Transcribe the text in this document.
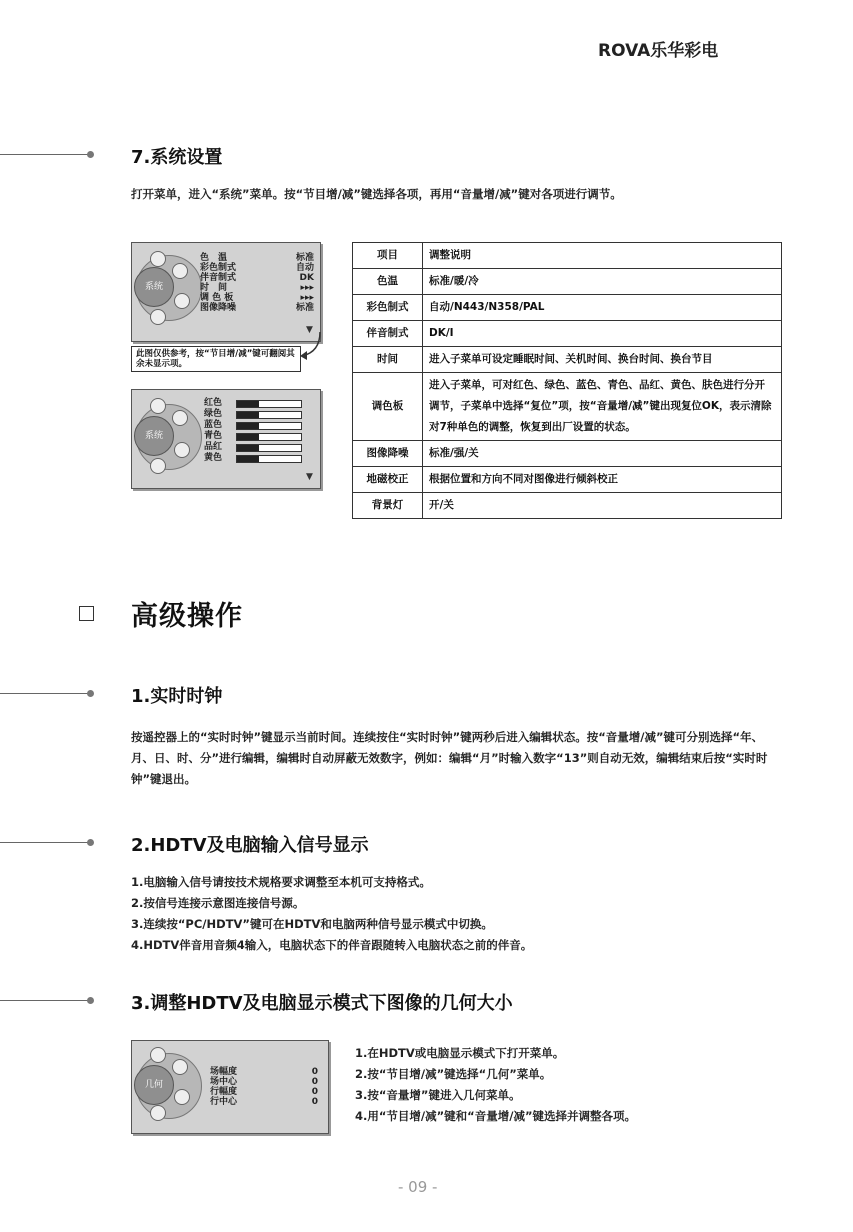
ROVA乐华彩电
7.系统设置
打开菜单，进入“系统”菜单。按“节目增/减”键选择各项，再用“音量增/减”键对各项进行调节。
系统
色　温	标准
彩色制式	自动
伴音制式	DK
时　间	▸▸▸
调 色 板	▸▸▸
图像降噪	标准
▼
此图仅供参考，按“节目增/减”键可翻阅其余未显示项。
系统
红色
绿色
蓝色
青色
品红
黄色
▼
项目	调整说明
色温	标准/暖/冷
彩色制式	自动/N443/N358/PAL
伴音制式	DK/I
时间	进入子菜单可设定睡眠时间、关机时间、换台时间、换台节目
调色板	进入子菜单，可对红色、绿色、蓝色、青色、品红、黄色、肤色进行分开调节，子菜单中选择“复位”项，按“音量增/减”键出现复位OK，表示清除对7种单色的调整，恢复到出厂设置的状态。
图像降噪	标准/强/关
地磁校正	根据位置和方向不同对图像进行倾斜校正
背景灯	开/关
高级操作
1.实时时钟
按遥控器上的“实时时钟”键显示当前时间。连续按住“实时时钟”键两秒后进入编辑状态。按“音量增/减”键可分别选择“年、月、日、时、分”进行编辑，编辑时自动屏蔽无效数字，例如：编辑“月”时输入数字“13”则自动无效，编辑结束后按“实时时钟”键退出。
2.HDTV及电脑输入信号显示
1.电脑输入信号请按技术规格要求调整至本机可支持格式。
2.按信号连接示意图连接信号源。
3.连续按“PC/HDTV”键可在HDTV和电脑两种信号显示模式中切换。
4.HDTV伴音用音频4输入，电脑状态下的伴音跟随转入电脑状态之前的伴音。
3.调整HDTV及电脑显示模式下图像的几何大小
几何
场幅度	0
场中心	0
行幅度	0
行中心	0
1.在HDTV或电脑显示模式下打开菜单。
2.按“节目增/减”键选择“几何”菜单。
3.按“音量增”键进入几何菜单。
4.用“节目增/减”键和“音量增/减”键选择并调整各项。
- 09 -
